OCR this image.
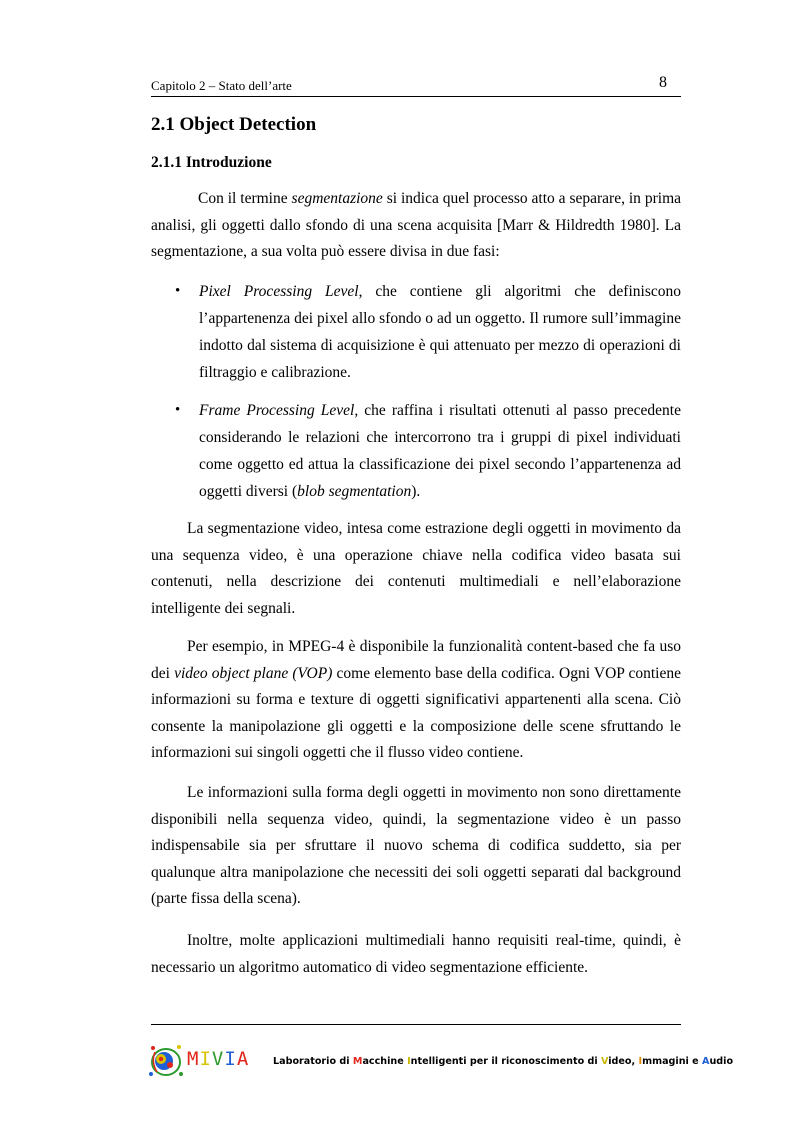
Capitolo 2 – Stato dell’arte	8
2.1 Object Detection
2.1.1 Introduzione

Con il termine segmentazione si indica quel processo atto a separare, in prima analisi, gli oggetti dallo sfondo di una scena acquisita [Marr & Hildredth 1980]. La segmentazione, a sua volta può essere divisa in due fasi:

• Pixel Processing Level, che contiene gli algoritmi che definiscono l’appartenenza dei pixel allo sfondo o ad un oggetto. Il rumore sull’immagine indotto dal sistema di acquisizione è qui attenuato per mezzo di operazioni di filtraggio e calibrazione.

• Frame Processing Level, che raffina i risultati ottenuti al passo precedente considerando le relazioni che intercorrono tra i gruppi di pixel individuati come oggetto ed attua la classificazione dei pixel secondo l’appartenenza ad oggetti diversi (blob segmentation).

La segmentazione video, intesa come estrazione degli oggetti in movimento da una sequenza video, è una operazione chiave nella codifica video basata sui contenuti, nella descrizione dei contenuti multimediali e nell’elaborazione intelligente dei segnali.

Per esempio, in MPEG-4 è disponibile la funzionalità content-based che fa uso dei video object plane (VOP) come elemento base della codifica. Ogni VOP contiene informazioni su forma e texture di oggetti significativi appartenenti alla scena. Ciò consente la manipolazione gli oggetti e la composizione delle scene sfruttando le informazioni sui singoli oggetti che il flusso video contiene.

Le informazioni sulla forma degli oggetti in movimento non sono direttamente disponibili nella sequenza video, quindi, la segmentazione video è un passo indispensabile sia per sfruttare il nuovo schema di codifica suddetto, sia per qualunque altra manipolazione che necessiti dei soli oggetti separati dal background (parte fissa della scena).

Inoltre, molte applicazioni multimediali hanno requisiti real-time, quindi, è necessario un algoritmo automatico di video segmentazione efficiente.

MIVIA Laboratorio di Macchine Intelligenti per il riconoscimento di Video, Immagini e Audio
